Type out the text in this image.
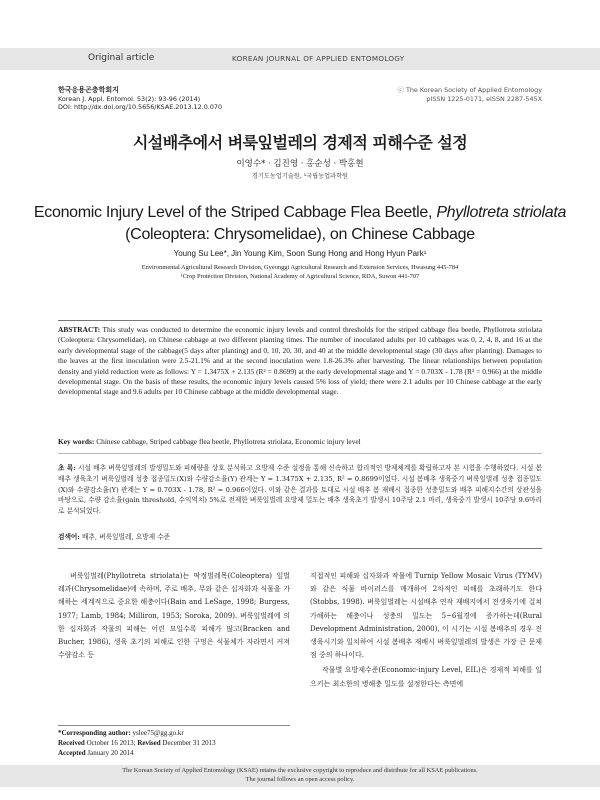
Original article	KOREAN JOURNAL OF APPLIED ENTOMOLOGY
한국응용곤충학회지
Korean J. Appl. Entomol. 53(2): 93-96 (2014)
DOI: http://dx.doi.org/10.5656/KSAE.2013.12.0.070
ⓒ The Korean Society of Applied Entomology
pISSN 1225-0171, eISSN 2287-545X
시설배추에서 벼룩잎벌레의 경제적 피해수준 설정
이영수* · 김진영 · 홍순성 · 박홍현
경기도농업기술원, ¹국립농업과학원
Economic Injury Level of the Striped Cabbage Flea Beetle, Phyllotreta striolata
(Coleoptera: Chrysomelidae), on Chinese Cabbage
Young Su Lee*, Jin Young Kim, Soon Sung Hong and Hong Hyun Park¹
Environmental Agricultural Research Division, Gyeonggi Agricultural Research and Extension Services, Hwasung 445-784
¹Crop Protection Division, National Academy of Agricultural Science, RDA, Suwon 441-707
ABSTRACT: This study was conducted to determine the economic injury levels and control thresholds for the striped cabbage flea beetle, Phyllotreta striolata (Coleoptera: Chrysomelidae), on Chinese cabbage at two different planting times. The number of inoculated adults per 10 cabbages was 0, 2, 4, 8, and 16 at the early developmental stage of the cabbage(5 days after planting) and 0, 10, 20, 30, and 40 at the middle developmental stage (30 days after planting). Damages to the leaves at the first inoculation were 2.5-21.1% and at the second inoculation were 1.8-26.3% after harvesting. The linear relationships between population density and yield reduction were as follows: Y = 1.3475X + 2.135 (R² = 0.8699) at the early developmental stage and Y = 0.703X - 1.78 (R² = 0.966) at the middle developmental stage. On the basis of these results, the economic injury levels caused 5% loss of yield; there were 2.1 adults per 10 Chinese cabbage at the early developmental stage and 9.6 adults per 10 Chinese cabbage at the middle developmental stage.
Key words: Chinese cabbage, Striped cabbage flea beetle, Phyllotreta striolata, Economic injury level
초 록: 시설 배추 벼룩잎벌레의 발생밀도와 피해량을 상호 분석하고 요방제 수준 설정을 통해 신속하고 합리적인 방제체계를 확립하고자 본 시험을 수행하였다. 시설 봄배추 생육초기 벼룩잎벌레 성충 접종밀도(X)와 수량감소율(Y) 관계는 Y = 1.3475X + 2.135, R² = 0.8699이었다. 시설 봄배추 생육중기 벼룩잎벌레 성충 접종밀도(X)와 수량감소율(Y) 관계는 Y = 0.703X - 1.78, R² = 0.966이었다. 이와 같은 결과를 토대로 시설 배추 봄 재배시 접종한 성충밀도와 배추 피해지수간의 상관성을 바탕으로, 수량 감소율(gain threshold, 수익역치) 5%로 전제한 벼룩잎벌레 요방제 밀도는 배추 생육초기 발생시 10주당 2.1 마리, 생육중기 발생시 10주당 9.6마리로 분석되었다.
검색어: 배추, 벼룩잎벌레, 요방제 수준

벼룩잎벌레(Phyllotreta striolata)는 딱정벌레목(Coleoptera) 잎벌레과(Chrysomelidae)에 속하며, 주로 배추, 무와 같은 십자화과 식물을 가해하는 세계적으로 중요한 해충이다(Bain and LeSage, 1998; Burgess, 1977; Lamb, 1984; Milliron, 1953; Soroka, 2009). 벼룩잎벌레에 의한 십자화과 작물의 피해는 어린 묘일수록 피해가 많고(Bracken and Bucher, 1986), 생육 초기의 피해로 인한 구멍은 식물체가 자라면서 커져 수량감소 등

직접적인 피해와 십자화과 작물에 Turnip Yellow Mosaic Virus (TYMV)와 같은 식물 바이러스를 매개하여 2차적인 피해를 초래하기도 한다(Stobbs, 1998). 벼룩잎벌레는 시설배추 연작 재배지에서 전생육기에 걸쳐 가해하는 해충이나 성충의 밀도는 5~6월경에 증가하는데(Rural Development Administration, 2000), 이 시기는 시설 봄배추의 경우 전 생육시기와 일치하여 시설 봄배추 재배시 벼룩잎벌레의 발생은 가장 큰 문제점 중의 하나이다.

작물별 요방제수준(Economic-injury Level, EIL)은 경제적 피해를 일으키는 최소한의 병해충 밀도를 설정한다는 측면에

*Corresponding author: yslee75@gg.go.kr
Received October 16 2013; Revised December 31 2013
Accepted January 20 2014
The Korean Society of Applied Entomology (KSAE) retains the exclusive copyright to reproduce and distribute for all KSAE publications.
The journal follows an open access policy.
